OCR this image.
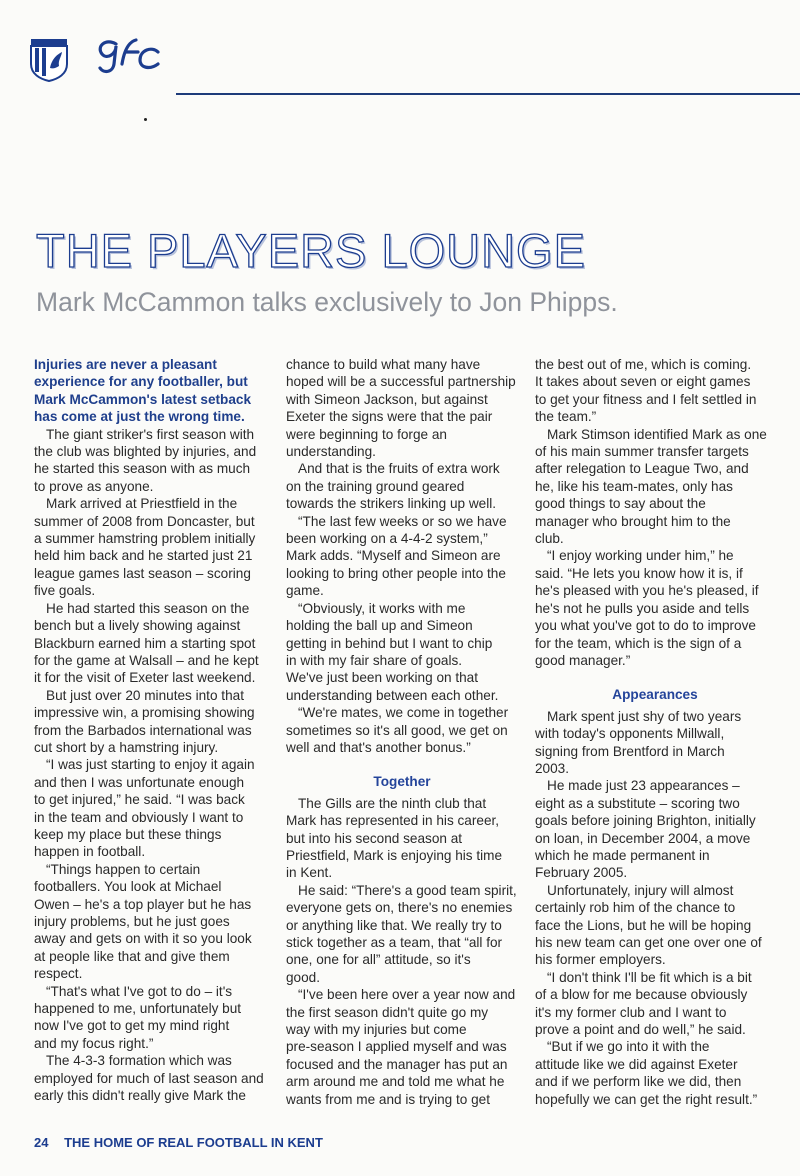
THE PLAYERS LOUNGE
Mark McCammon talks exclusively to Jon Phipps.

Injuries are never a pleasant
experience for any footballer, but
Mark McCammon's latest setback
has come at just the wrong time.

The giant striker's first season with
the club was blighted by injuries, and
he started this season with as much
to prove as anyone.

Mark arrived at Priestfield in the
summer of 2008 from Doncaster, but
a summer hamstring problem initially
held him back and he started just 21
league games last season – scoring
five goals.

He had started this season on the
bench but a lively showing against
Blackburn earned him a starting spot
for the game at Walsall – and he kept
it for the visit of Exeter last weekend.

But just over 20 minutes into that
impressive win, a promising showing
from the Barbados international was
cut short by a hamstring injury.

“I was just starting to enjoy it again
and then I was unfortunate enough
to get injured,” he said. “I was back
in the team and obviously I want to
keep my place but these things
happen in football.

“Things happen to certain
footballers. You look at Michael
Owen – he's a top player but he has
injury problems, but he just goes
away and gets on with it so you look
at people like that and give them
respect.

“That's what I've got to do – it's
happened to me, unfortunately but
now I've got to get my mind right
and my focus right.”

The 4-3-3 formation which was
employed for much of last season and
early this didn't really give Mark the

chance to build what many have
hoped will be a successful partnership
with Simeon Jackson, but against
Exeter the signs were that the pair
were beginning to forge an
understanding.

And that is the fruits of extra work
on the training ground geared
towards the strikers linking up well.

“The last few weeks or so we have
been working on a 4-4-2 system,”
Mark adds. “Myself and Simeon are
looking to bring other people into the
game.

“Obviously, it works with me
holding the ball up and Simeon
getting in behind but I want to chip
in with my fair share of goals.
We've just been working on that
understanding between each other.

“We're mates, we come in together
sometimes so it's all good, we get on
well and that's another bonus.”

Together

The Gills are the ninth club that
Mark has represented in his career,
but into his second season at
Priestfield, Mark is enjoying his time
in Kent.

He said: “There's a good team spirit,
everyone gets on, there's no enemies
or anything like that. We really try to
stick together as a team, that “all for
one, one for all” attitude, so it's
good.

“I've been here over a year now and
the first season didn't quite go my
way with my injuries but come
pre-season I applied myself and was
focused and the manager has put an
arm around me and told me what he
wants from me and is trying to get

the best out of me, which is coming.
It takes about seven or eight games
to get your fitness and I felt settled in
the team.”

Mark Stimson identified Mark as one
of his main summer transfer targets
after relegation to League Two, and
he, like his team-mates, only has
good things to say about the
manager who brought him to the
club.

“I enjoy working under him,” he
said. “He lets you know how it is, if
he's pleased with you he's pleased, if
he's not he pulls you aside and tells
you what you've got to do to improve
for the team, which is the sign of a
good manager.”

Appearances

Mark spent just shy of two years
with today's opponents Millwall,
signing from Brentford in March
2003.

He made just 23 appearances –
eight as a substitute – scoring two
goals before joining Brighton, initially
on loan, in December 2004, a move
which he made permanent in
February 2005.

Unfortunately, injury will almost
certainly rob him of the chance to
face the Lions, but he will be hoping
his new team can get one over one of
his former employers.

“I don't think I'll be fit which is a bit
of a blow for me because obviously
it's my former club and I want to
prove a point and do well,” he said.

“But if we go into it with the
attitude like we did against Exeter
and if we perform like we did, then
hopefully we can get the right result.”

24 THE HOME OF REAL FOOTBALL IN KENT
